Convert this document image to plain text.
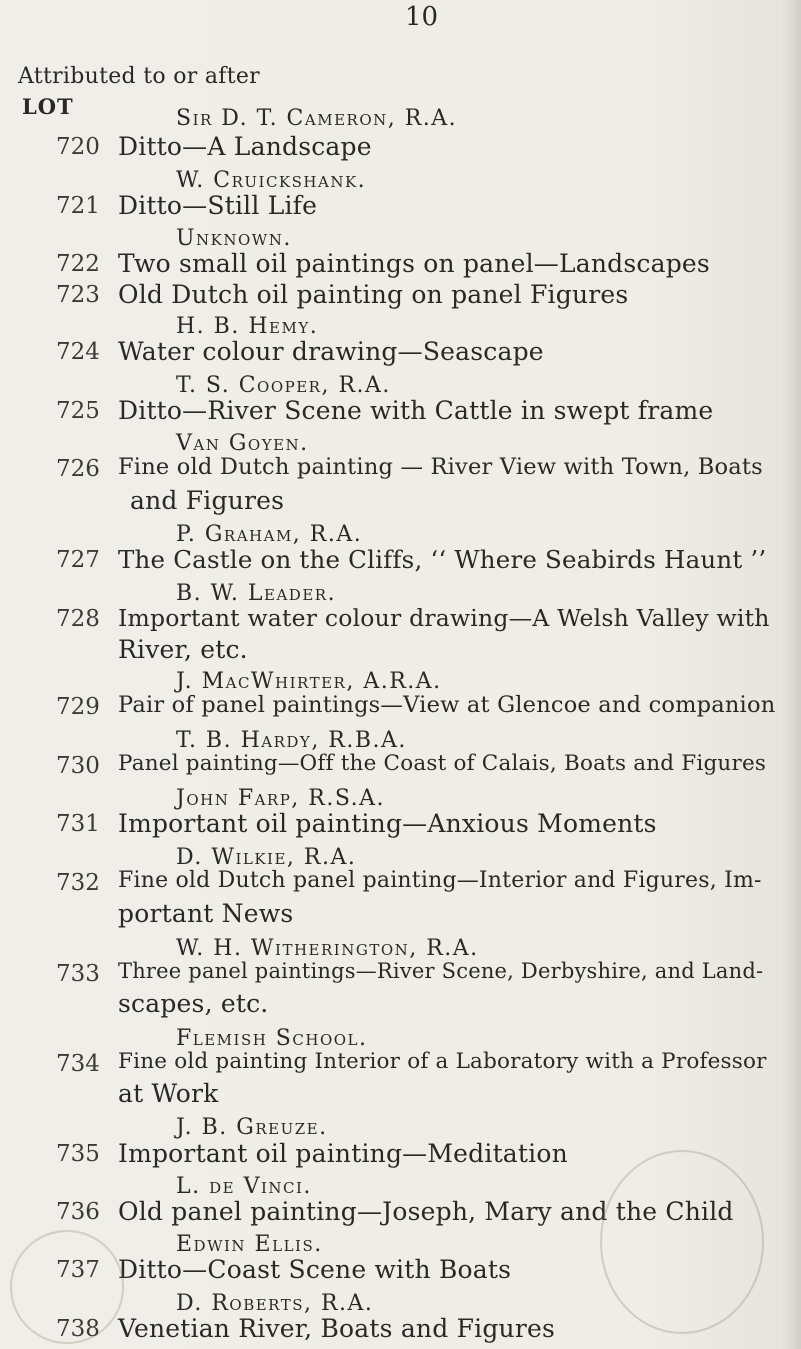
10
Attributed to or after
LOT	Sir D. T. Cameron, R.A.
720 Ditto—A Landscape
W. Cruickshank.
721 Ditto—Still Life
Unknown.
722 Two small oil paintings on panel—Landscapes
723 Old Dutch oil painting on panel Figures
H. B. Hemy.
724 Water colour drawing—Seascape
T. S. Cooper, R.A.
725 Ditto—River Scene with Cattle in swept frame
Van Goyen.
726 Fine old Dutch painting — River View with Town, Boats
and Figures
P. Graham, R.A.
727 The Castle on the Cliffs, ‘‘ Where Seabirds Haunt ’’
B. W. Leader.
728 Important water colour drawing—A Welsh Valley with
River, etc.
J. MacWhirter, A.R.A.
729 Pair of panel paintings—View at Glencoe and companion
T. B. Hardy, R.B.A.
730 Panel painting—Off the Coast of Calais, Boats and Figures
John Farp, R.S.A.
731 Important oil painting—Anxious Moments
D. Wilkie, R.A.
732 Fine old Dutch panel painting—Interior and Figures, Im-
portant News
W. H. Witherington, R.A.
733 Three panel paintings—River Scene, Derbyshire, and Land-
scapes, etc.
Flemish School.
734 Fine old painting Interior of a Laboratory with a Professor
at Work
J. B. Greuze.
735 Important oil painting—Meditation
L. de Vinci.
736 Old panel painting—Joseph, Mary and the Child
Edwin Ellis.
737 Ditto—Coast Scene with Boats
D. Roberts, R.A.
738 Venetian River, Boats and Figures
